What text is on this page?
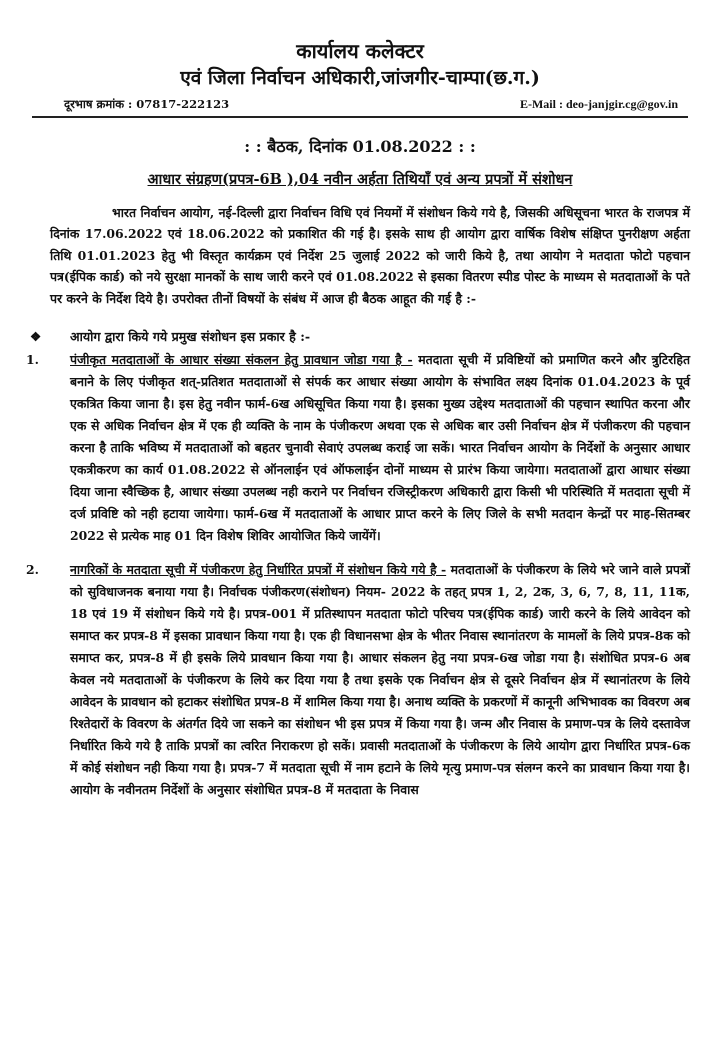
कार्यालय कलेक्टर
एवं जिला निर्वाचन अधिकारी,जांजगीर-चाम्पा(छ.ग.)
दूरभाष क्रमांक : 07817-222123	E-Mail : deo-janjgir.cg@gov.in
: : बैठक, दिनांक 01.08.2022 : :
आधार संग्रहण(प्रपत्र-6B ),04 नवीन अर्हता तिथियाँ एवं अन्य प्रपत्रों में संशोधन

भारत निर्वाचन आयोग, नई-दिल्ली द्वारा निर्वाचन विधि एवं नियमों में संशोधन किये गये है, जिसकी अधिसूचना भारत के राजपत्र में दिनांक 17.06.2022 एवं 18.06.2022 को प्रकाशित की गई है। इसके साथ ही आयोग द्वारा वार्षिक विशेष संक्षिप्त पुनरीक्षण अर्हता तिथि 01.01.2023 हेतु भी विस्तृत कार्यक्रम एवं निर्देश 25 जुलाई 2022 को जारी किये है, तथा आयोग ने मतदाता फोटो पहचान पत्र(ईपिक कार्ड) को नये सुरक्षा मानकों के साथ जारी करने एवं 01.08.2022 से इसका वितरण स्पीड पोस्ट के माध्यम से मतदाताओं के पते पर करने के निर्देश दिये है। उपरोक्त तीनों विषयों के संबंध में आज ही बैठक आहूत की गई है :-

❖	आयोग द्वारा किये गये प्रमुख संशोधन इस प्रकार है :-
1.	पंजीकृत मतदाताओं के आधार संख्या संकलन हेतु प्रावधान जोडा गया है - मतदाता सूची में प्रविष्टियों को प्रमाणित करने और त्रुटिरहित बनाने के लिए पंजीकृत शत्-प्रतिशत मतदाताओं से संपर्क कर आधार संख्या आयोग के संभावित लक्ष्य दिनांक 01.04.2023 के पूर्व एकत्रित किया जाना है। इस हेतु नवीन फार्म-6ख अधिसूचित किया गया है। इसका मुख्य उद्देश्य मतदाताओं की पहचान स्थापित करना और एक से अधिक निर्वाचन क्षेत्र में एक ही व्यक्ति के नाम के पंजीकरण अथवा एक से अधिक बार उसी निर्वाचन क्षेत्र में पंजीकरण की पहचान करना है ताकि भविष्य में मतदाताओं को बहतर चुनावी सेवाएं उपलब्ध कराई जा सकें। भारत निर्वाचन आयोग के निर्देशों के अनुसार आधार एकत्रीकरण का कार्य 01.08.2022 से ऑनलाईन एवं ऑफलाईन दोनों माध्यम से प्रारंभ किया जायेगा। मतदाताओं द्वारा आधार संख्या दिया जाना स्वैच्छिक है, आधार संख्या उपलब्ध नही कराने पर निर्वाचन रजिस्ट्रीकरण अधिकारी द्वारा किसी भी परिस्थिति में मतदाता सूची में दर्ज प्रविष्टि को नही हटाया जायेगा। फार्म-6ख में मतदाताओं के आधार प्राप्त करने के लिए जिले के सभी मतदान केन्द्रों पर माह-सितम्बर 2022 से प्रत्येक माह 01 दिन विशेष शिविर आयोजित किये जायेंगें।
2.	नागरिकों के मतदाता सूची में पंजीकरण हेतु निर्धारित प्रपत्रों में संशोधन किये गये है - मतदाताओं के पंजीकरण के लिये भरे जाने वाले प्रपत्रों को सुविधाजनक बनाया गया है। निर्वाचक पंजीकरण(संशोधन) नियम- 2022 के तहत् प्रपत्र 1, 2, 2क, 3, 6, 7, 8, 11, 11क, 18 एवं 19 में संशोधन किये गये है। प्रपत्र-001 में प्रतिस्थापन मतदाता फोटो परिचय पत्र(ईपिक कार्ड) जारी करने के लिये आवेदन को समाप्त कर प्रपत्र-8 में इसका प्रावधान किया गया है। एक ही विधानसभा क्षेत्र के भीतर निवास स्थानांतरण के मामलों के लिये प्रपत्र-8क को समाप्त कर, प्रपत्र-8 में ही इसके लिये प्रावधान किया गया है। आधार संकलन हेतु नया प्रपत्र-6ख जोडा गया है। संशोधित प्रपत्र-6 अब केवल नये मतदाताओं के पंजीकरण के लिये कर दिया गया है तथा इसके एक निर्वाचन क्षेत्र से दूसरे निर्वाचन क्षेत्र में स्थानांतरण के लिये आवेदन के प्रावधान को हटाकर संशोधित प्रपत्र-8 में शामिल किया गया है। अनाथ व्यक्ति के प्रकरणों में कानूनी अभिभावक का विवरण अब रिश्तेदारों के विवरण के अंतर्गत दिये जा सकने का संशोधन भी इस प्रपत्र में किया गया है। जन्म और निवास के प्रमाण-पत्र के लिये दस्तावेज निर्धारित किये गये है ताकि प्रपत्रों का त्वरित निराकरण हो सकें। प्रवासी मतदाताओं के पंजीकरण के लिये आयोग द्वारा निर्धारित प्रपत्र-6क में कोई संशोधन नही किया गया है। प्रपत्र-7 में मतदाता सूची में नाम हटाने के लिये मृत्यु प्रमाण-पत्र संलग्न करने का प्रावधान किया गया है। आयोग के नवीनतम निर्देशों के अनुसार संशोधित प्रपत्र-8 में मतदाता के निवास
